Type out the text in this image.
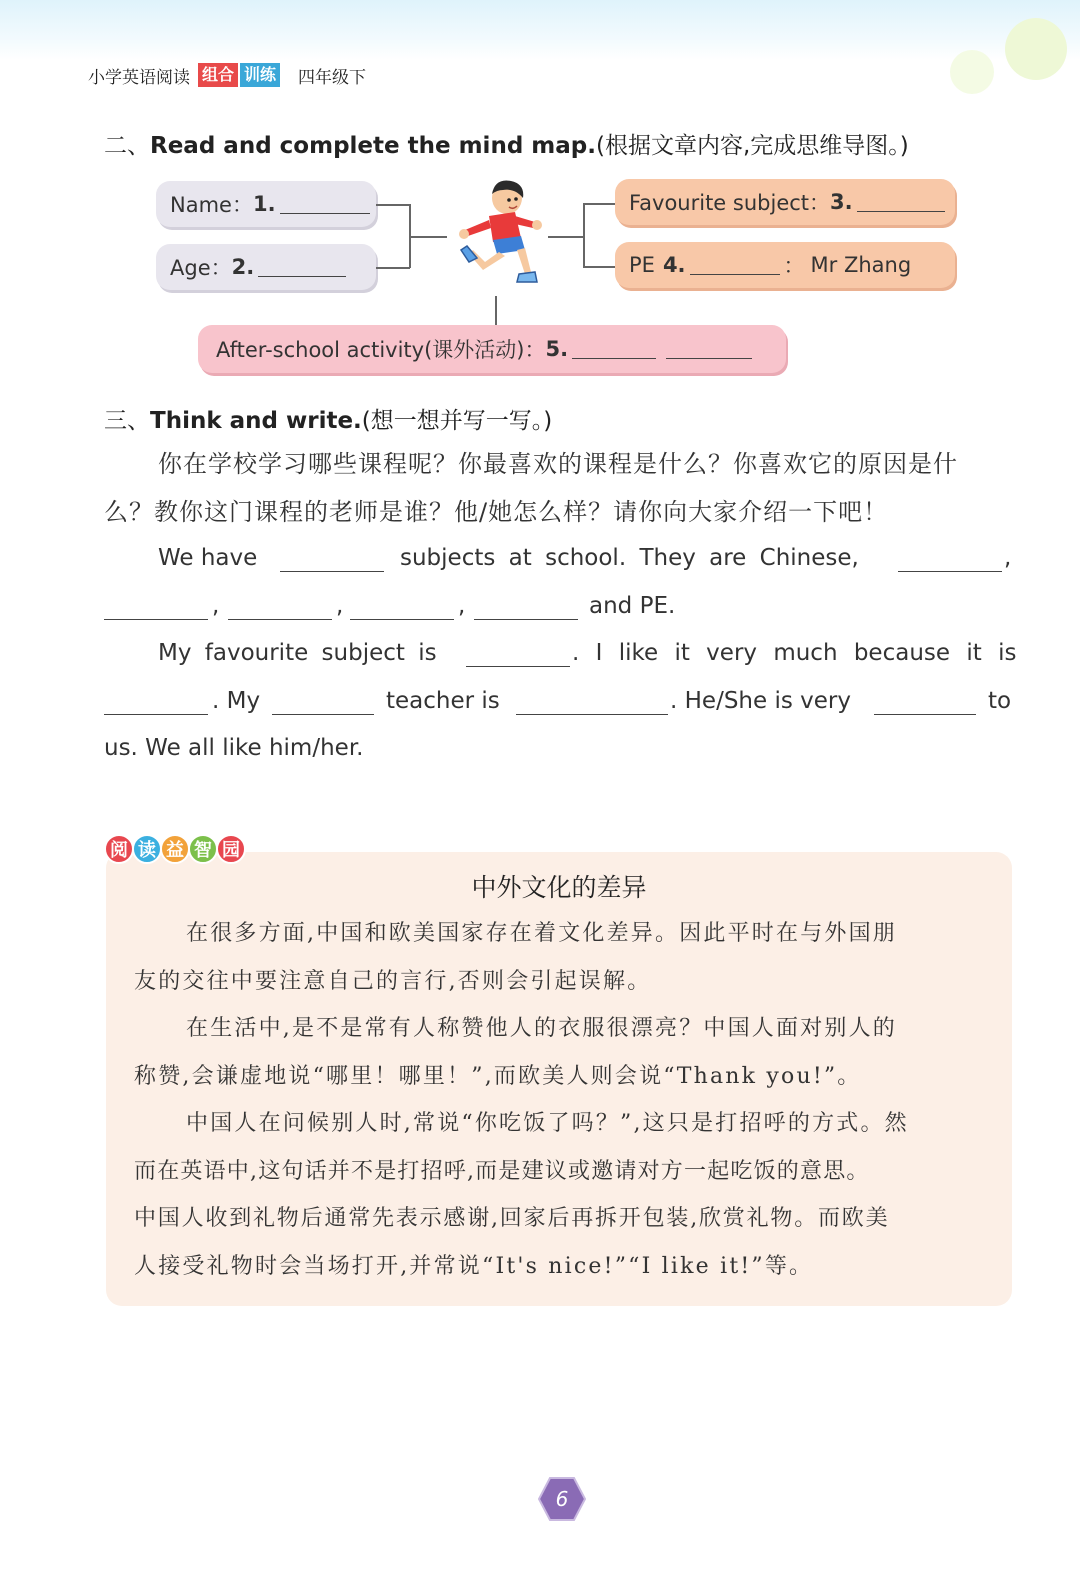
小学英语阅读 组合 训练 四年级下
二、Read and complete the mind map.(根据文章内容,完成思维导图。)
Name： 1.
Age： 2.
Favourite subject： 3.
PE 4.	： Mr Zhang
After-school activity(课外活动)： 5.
三、Think and write.(想一想并写一写。)
你在学校学习哪些课程呢？你最喜欢的课程是什么？你喜欢它的原因是什
么？教你这门课程的老师是谁？他/她怎么样？请你向大家介绍一下吧！
We have	subjects at school. They are Chinese,	,
,	,	,	and PE.
My favourite subject is	. I like it very much because it is
. My	teacher is	. He/She is very	to
us. We all like him/her.
阅 读 益 智 园
中外文化的差异
在很多方面,中国和欧美国家存在着文化差异。因此平时在与外国朋
友的交往中要注意自己的言行,否则会引起误解。
在生活中,是不是常有人称赞他人的衣服很漂亮？中国人面对别人的
称赞,会谦虚地说“哪里！哪里！”,而欧美人则会说“Thank you!”。
中国人在问候别人时,常说“你吃饭了吗？”,这只是打招呼的方式。然
而在英语中,这句话并不是打招呼,而是建议或邀请对方一起吃饭的意思。
中国人收到礼物后通常先表示感谢,回家后再拆开包装,欣赏礼物。而欧美
人接受礼物时会当场打开,并常说“It's nice!”“I like it!”等。
6
